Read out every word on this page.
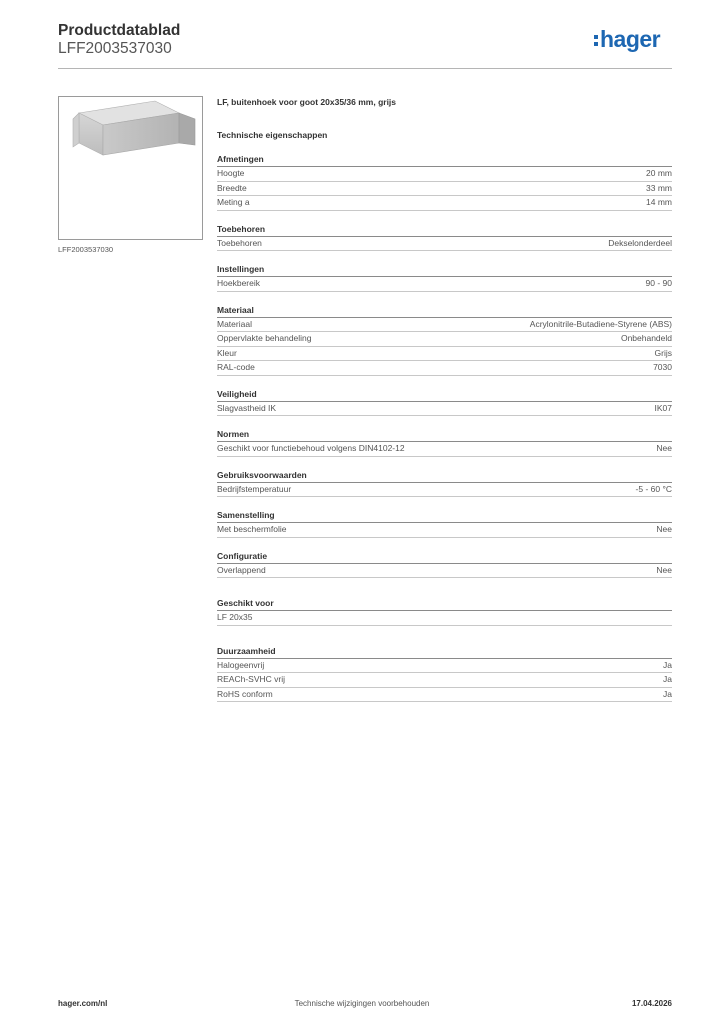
Productdatablad
LFF2003537030	hager
LFF2003537030
LF, buitenhoek voor goot 20x35/36 mm, grijs
Technische eigenschappen
Afmetingen
Hoogte	20 mm
Breedte	33 mm
Meting a	14 mm
Toebehoren
Toebehoren	Dekselonderdeel
Instellingen
Hoekbereik	90 - 90
Materiaal
Materiaal	Acrylonitrile-Butadiene-Styrene (ABS)
Oppervlakte behandeling	Onbehandeld
Kleur	Grijs
RAL-code	7030
Veiligheid
Slagvastheid IK	IK07
Normen
Geschikt voor functiebehoud volgens DIN4102-12	Nee
Gebruiksvoorwaarden
Bedrijfstemperatuur	-5 - 60 °C
Samenstelling
Met beschermfolie	Nee
Configuratie
Overlappend	Nee
Geschikt voor
LF 20x35
Duurzaamheid
Halogeenvrij	Ja
REACh-SVHC vrij	Ja
RoHS conform	Ja
hager.com/nl	Technische wijzigingen voorbehouden	17.04.2026
